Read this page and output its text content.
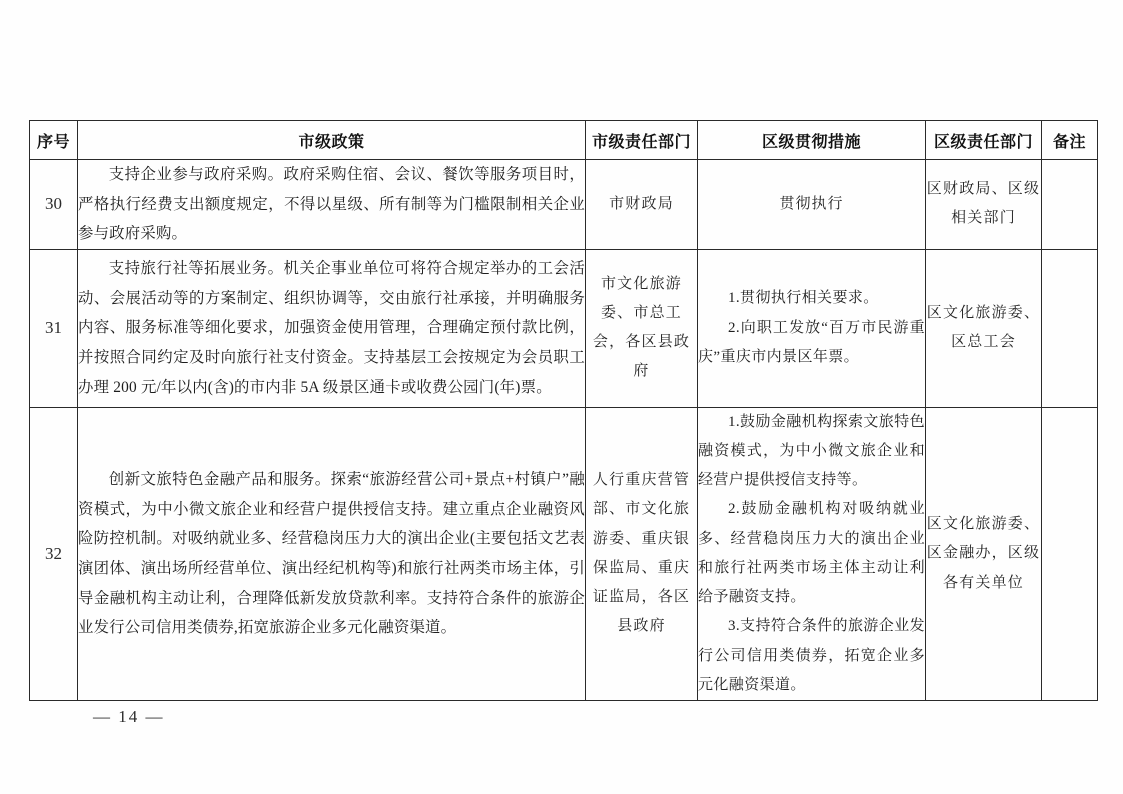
序号	市级政策	市级责任部门	区级贯彻措施	区级责任部门	备注
30	支持企业参与政府采购。政府采购住宿、会议、餐饮等服务项目时，严格执行经费支出额度规定，不得以星级、所有制等为门槛限制相关企业参与政府采购。	市财政局	贯彻执行	区财政局、区级相关部门	
31	支持旅行社等拓展业务。机关企事业单位可将符合规定举办的工会活动、会展活动等的方案制定、组织协调等，交由旅行社承接，并明确服务内容、服务标准等细化要求，加强资金使用管理，合理确定预付款比例，并按照合同约定及时向旅行社支付资金。支持基层工会按规定为会员职工办理 200 元/年以内(含)的市内非 5A 级景区通卡或收费公园门(年)票。	市文化旅游委、市总工会，各区县政府	1.贯彻执行相关要求。
2.向职工发放“百万市民游重庆”重庆市内景区年票。	区文化旅游委、区总工会	
32	创新文旅特色金融产品和服务。探索“旅游经营公司+景点+村镇户”融资模式，为中小微文旅企业和经营户提供授信支持。建立重点企业融资风险防控机制。对吸纳就业多、经营稳岗压力大的演出企业(主要包括文艺表演团体、演出场所经营单位、演出经纪机构等)和旅行社两类市场主体，引导金融机构主动让利，合理降低新发放贷款利率。支持符合条件的旅游企业发行公司信用类债券,拓宽旅游企业多元化融资渠道。	人行重庆营管部、市文化旅游委、重庆银保监局、重庆证监局，各区县政府	1.鼓励金融机构探索文旅特色融资模式，为中小微文旅企业和经营户提供授信支持等。
2.鼓励金融机构对吸纳就业多、经营稳岗压力大的演出企业和旅行社两类市场主体主动让利给予融资支持。
3.支持符合条件的旅游企业发行公司信用类债券，拓宽企业多元化融资渠道。	区文化旅游委、区金融办，区级各有关单位	
— 14 —
